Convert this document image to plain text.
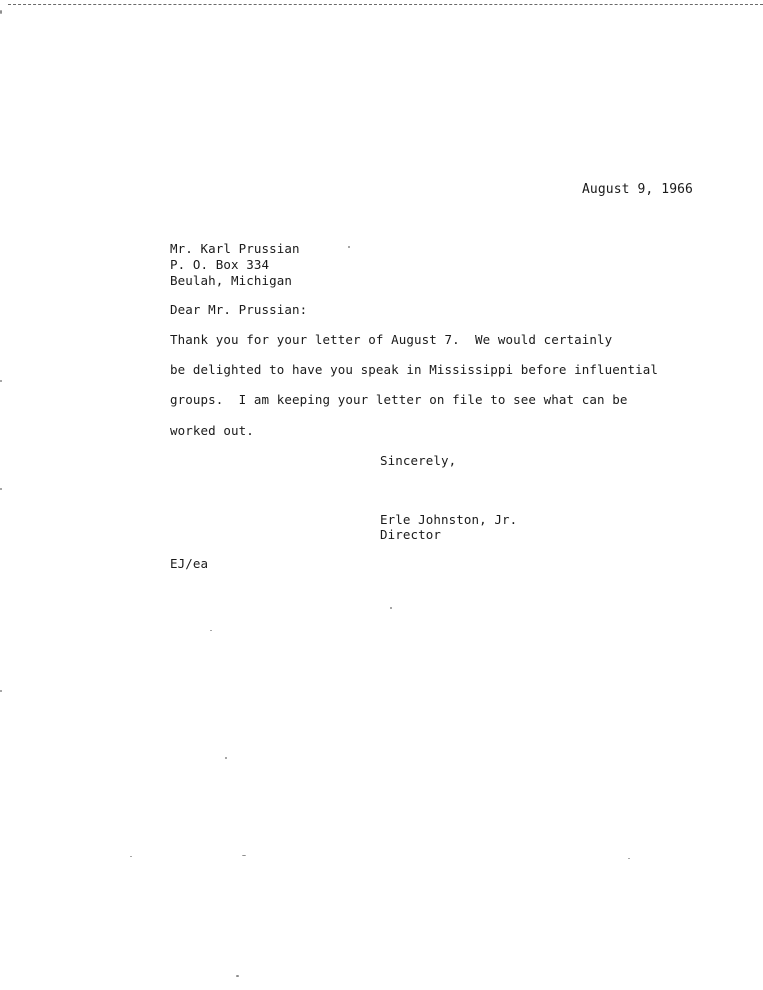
August 9, 1966
Mr. Karl Prussian
P. O. Box 334
Beulah, Michigan
Dear Mr. Prussian:
Thank you for your letter of August 7.  We would certainly
be delighted to have you speak in Mississippi before influential
groups.  I am keeping your letter on file to see what can be
worked out.
Sincerely,
Erle Johnston, Jr.
Director
EJ/ea
